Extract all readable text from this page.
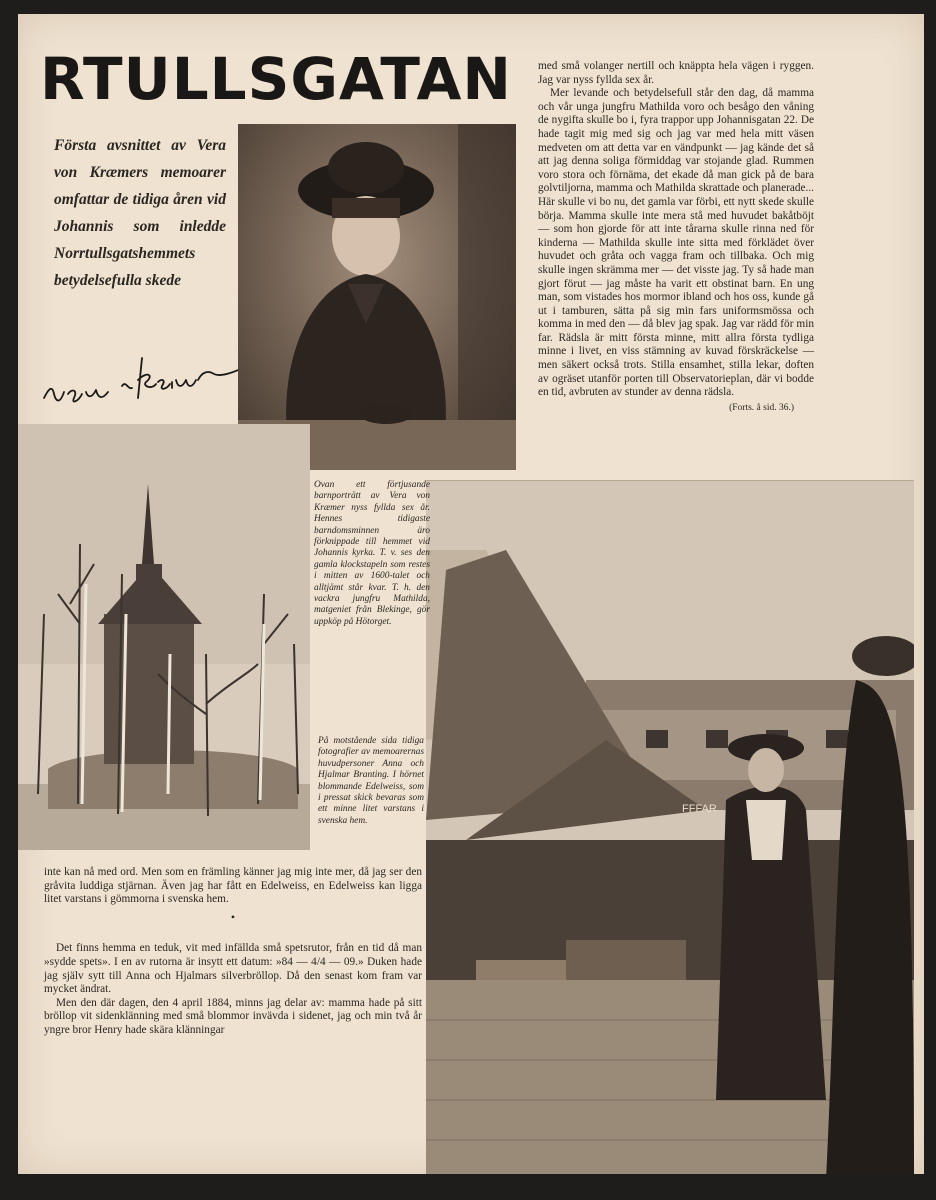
RTULLSGATAN
Första avsnittet av Vera von Kræmers memoarer omfattar de tidiga åren vid Johannis som inledde Norrtullsgatshemmets betydelsefulla skede
FFFAR

med små volanger nertill och knäppta hela vägen i ryggen. Jag var nyss fyllda sex år.

Mer levande och betydelsefull står den dag, då mamma och vår unga jungfru Mathilda voro och besågo den våning de nygifta skulle bo i, fyra trappor upp Johannisgatan 22. De hade tagit mig med sig och jag var med hela mitt väsen medveten om att detta var en vändpunkt — jag kände det så att jag denna soliga förmiddag var stojande glad. Rummen voro stora och förnäma, det ekade då man gick på de bara golvtiljorna, mamma och Mathilda skrattade och planerade... Här skulle vi bo nu, det gamla var förbi, ett nytt skede skulle börja. Mamma skulle inte mera stå med huvudet bakåtböjt — som hon gjorde för att inte tårarna skulle rinna ned för kinderna — Mathilda skulle inte sitta med förklädet över huvudet och gråta och vagga fram och tillbaka. Och mig skulle ingen skrämma mer — det visste jag. Ty så hade man gjort förut — jag måste ha varit ett obstinat barn. En ung man, som vistades hos mormor ibland och hos oss, kunde gå ut i tamburen, sätta på sig min fars uniformsmössa och komma in med den — då blev jag spak. Jag var rädd för min far. Rädsla är mitt första minne, mitt allra första tydliga minne i livet, en viss stämning av kuvad förskräckelse — men säkert också trots. Stilla ensamhet, stilla lekar, doften av ogräset utanför porten till Observatorieplan, där vi bodde en tid, avbruten av stunder av denna rädsla.

(Forts. å sid. 36.)
Ovan ett förtjusande barnporträtt av Vera von Kræmer nyss fyllda sex år. Hennes tidigaste barndomsminnen äro förknippade till hemmet vid Johannis kyrka. T. v. ses den gamla klockstapeln som restes i mitten av 1600-talet och alltjämt står kvar. T. h. den vackra jungfru Mathilda, matgeniet från Blekinge, gör uppköp på Hötorget.
På motstående sida tidiga fotografier av memoarernas huvudpersoner Anna och Hjalmar Branting. I hörnet blommande Edelweiss, som i pressat skick bevaras som ett minne litet varstans i svenska hem.

inte kan nå med ord. Men som en främling känner jag mig inte mer, då jag ser den gråvita luddiga stjärnan. Även jag har fått en Edelweiss, en Edelweiss kan ligga litet varstans i gömmorna i svenska hem.

•

Det finns hemma en teduk, vit med infällda små spetsrutor, från en tid då man »sydde spets». I en av rutorna är insytt ett datum: »84 — 4/4 — 09.» Duken hade jag själv sytt till Anna och Hjalmars silverbröllop. Då den senast kom fram var mycket ändrat.

Men den där dagen, den 4 april 1884, minns jag delar av: mamma hade på sitt bröllop vit sidenklänning med små blommor invävda i sidenet, jag och min två år yngre bror Henry hade skära klänningar
